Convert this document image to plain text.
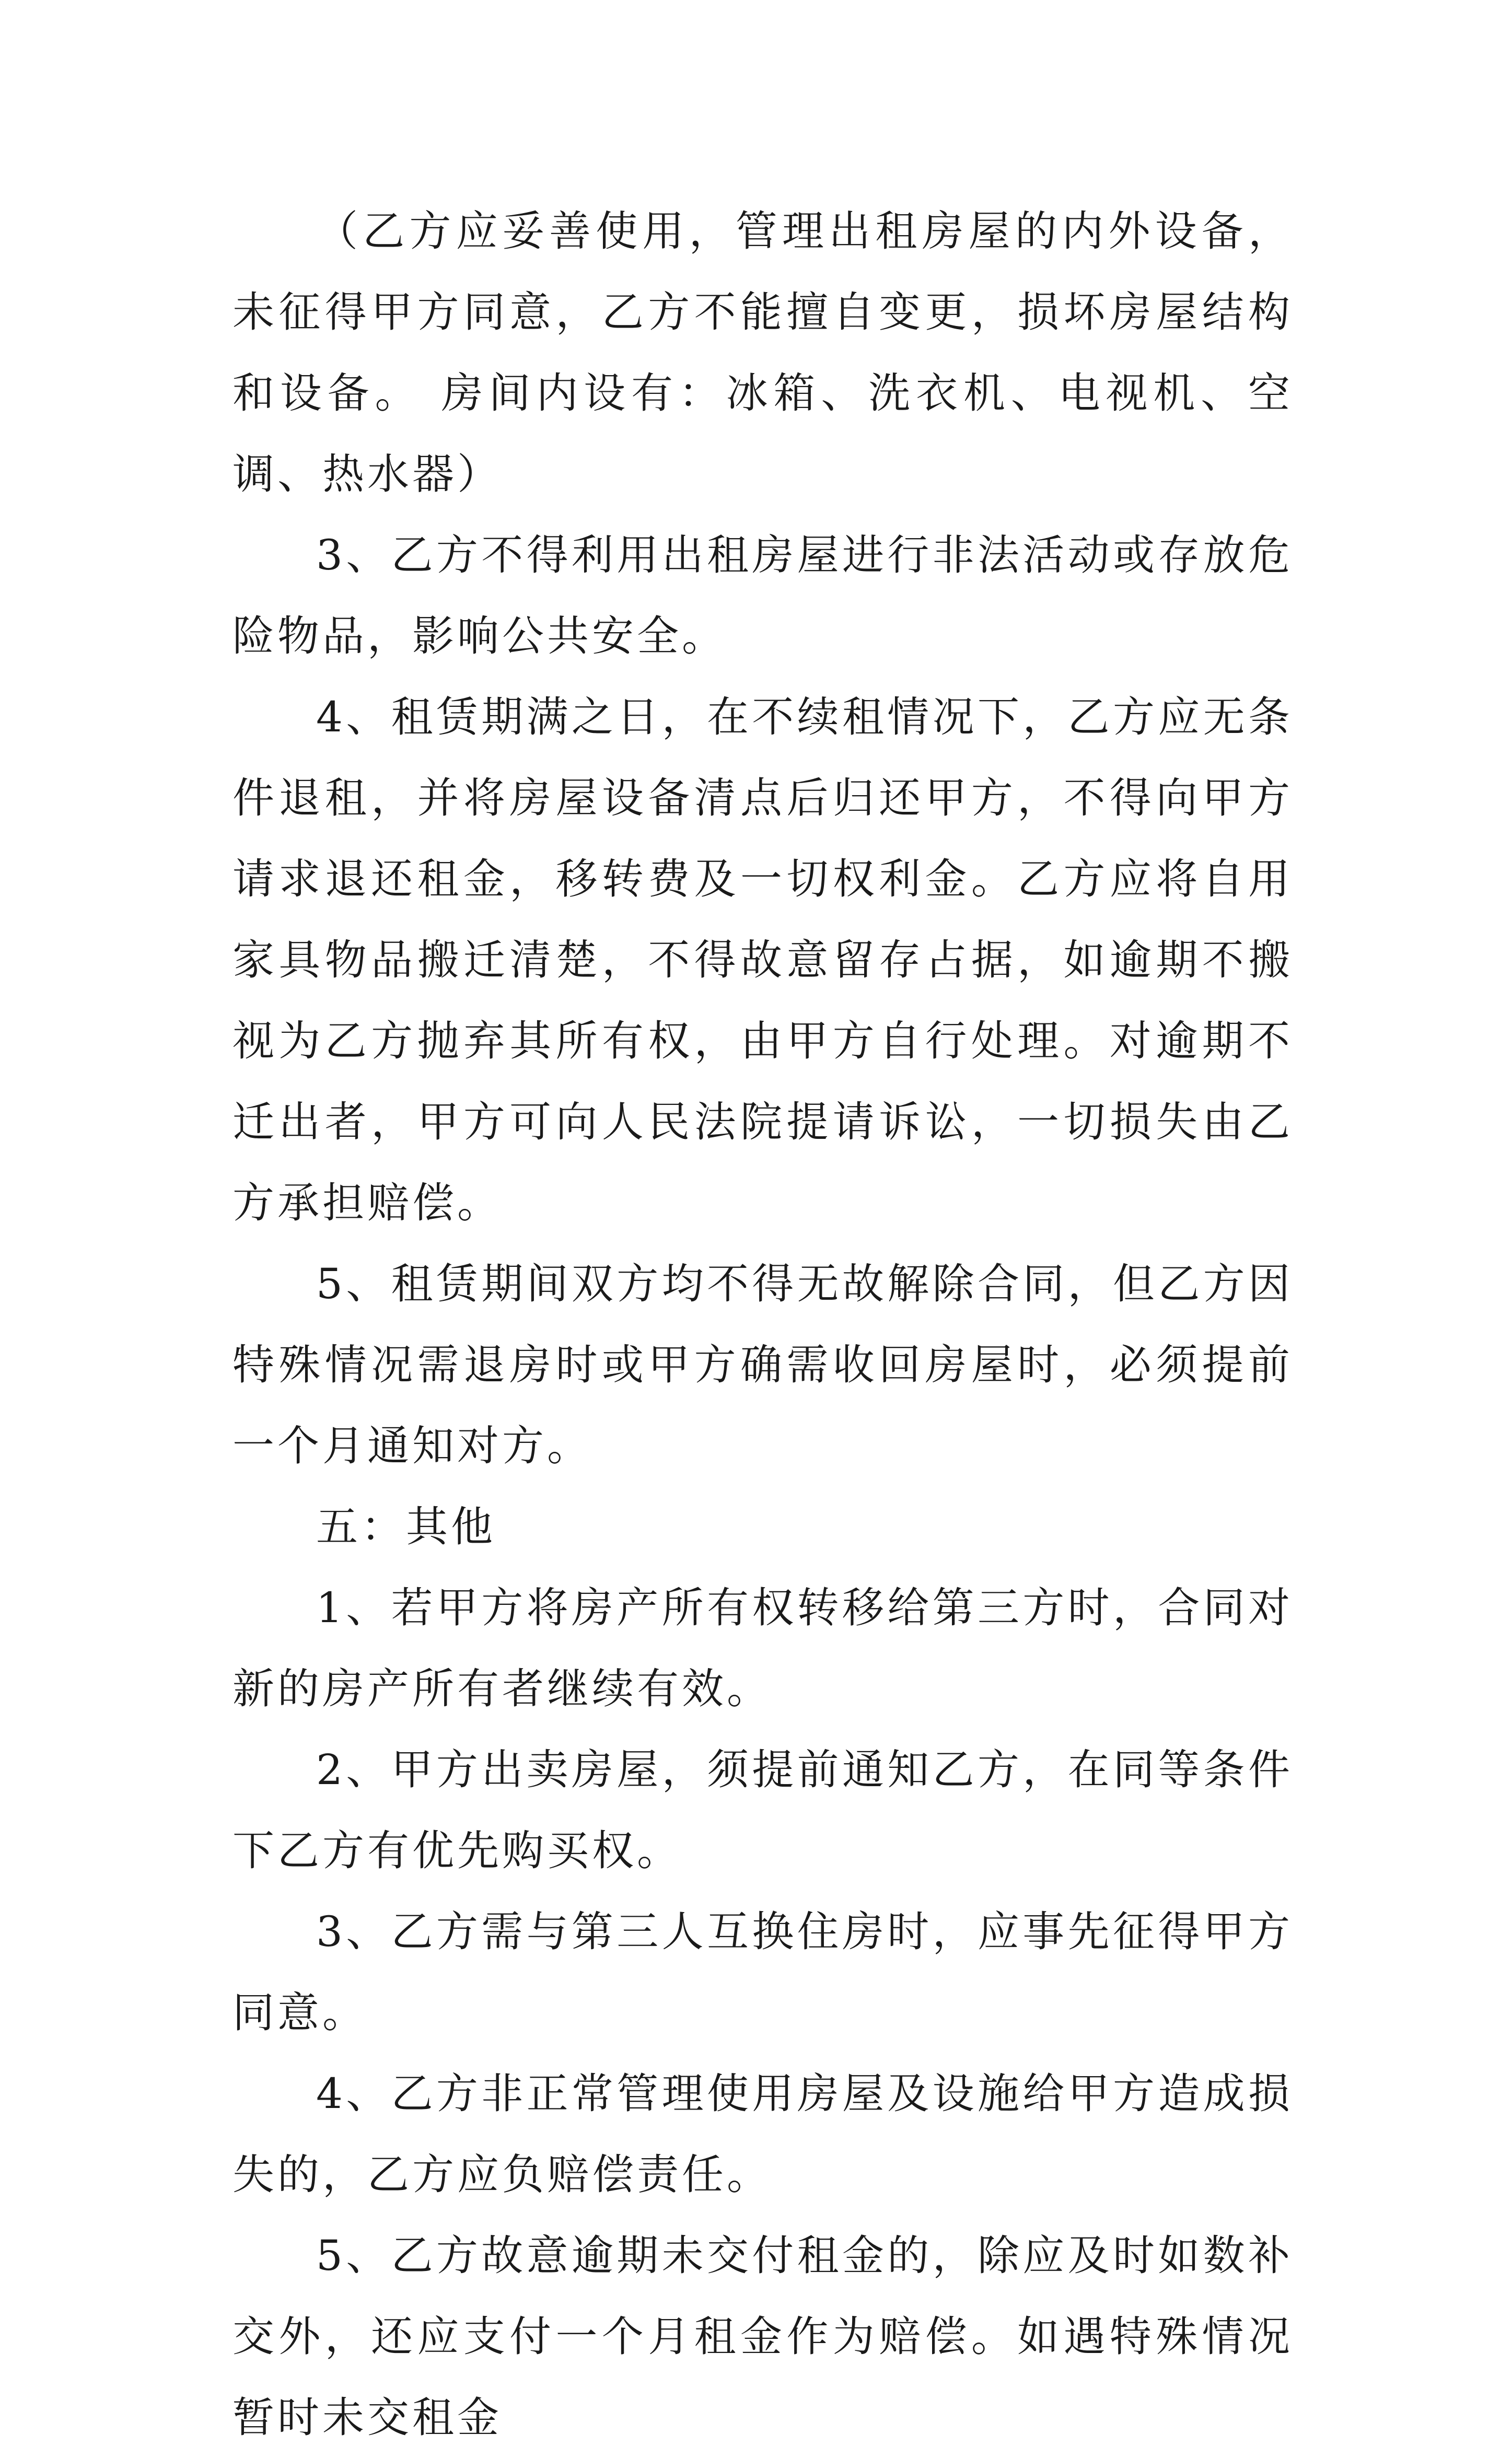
（乙方应妥善使用，管理出租房屋的内外设备，未征得甲方同意，乙方不能擅自变更，损坏房屋结构和设备。 房间内设有：冰箱、洗衣机、电视机、空调、热水器）

3、乙方不得利用出租房屋进行非法活动或存放危险物品，影响公共安全。

4、租赁期满之日，在不续租情况下，乙方应无条件退租，并将房屋设备清点后归还甲方，不得向甲方请求退还租金，移转费及一切权利金。乙方应将自用家具物品搬迁清楚，不得故意留存占据，如逾期不搬视为乙方抛弃其所有权，由甲方自行处理。对逾期不迁出者，甲方可向人民法院提请诉讼，一切损失由乙方承担赔偿。

5、租赁期间双方均不得无故解除合同，但乙方因特殊情况需退房时或甲方确需收回房屋时，必须提前一个月通知对方。

五：其他

1、若甲方将房产所有权转移给第三方时，合同对新的房产所有者继续有效。

2、甲方出卖房屋，须提前通知乙方，在同等条件下乙方有优先购买权。

3、乙方需与第三人互换住房时，应事先征得甲方同意。

4、乙方非正常管理使用房屋及设施给甲方造成损失的，乙方应负赔偿责任。

5、乙方故意逾期未交付租金的，除应及时如数补交外，还应支付一个月租金作为赔偿。如遇特殊情况暂时未交租金
